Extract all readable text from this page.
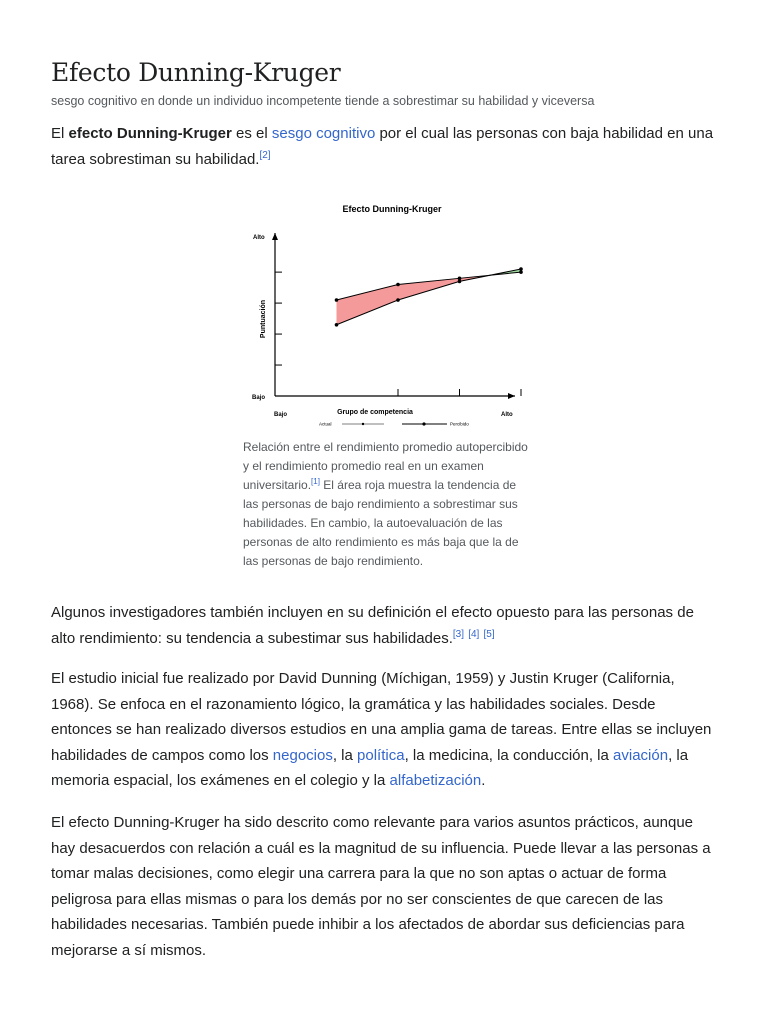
Efecto Dunning-Kruger
sesgo cognitivo en donde un individuo incompetente tiende a sobrestimar su habilidad y viceversa

El efecto Dunning-Kruger es el sesgo cognitivo por el cual las personas con baja habilidad en una tarea sobrestiman su habilidad.[2]

Efecto Dunning-Kruger
Puntuación
Grupo de competencia
Alto
Bajo
Bajo	Alto
Actual	Percibido
Relación entre el rendimiento promedio autopercibido y el rendimiento promedio real en un examen universitario.[1] El área roja muestra la tendencia de las personas de bajo rendimiento a sobrestimar sus habilidades. En cambio, la autoevaluación de las personas de alto rendimiento es más baja que la de las personas de bajo rendimiento.

Algunos investigadores también incluyen en su definición el efecto opuesto para las personas de alto rendimiento: su tendencia a subestimar sus habilidades.[3] [4] [5]

El estudio inicial fue realizado por David Dunning (Míchigan, 1959) y Justin Kruger (California, 1968). Se enfoca en el razonamiento lógico, la gramática y las habilidades sociales. Desde entonces se han realizado diversos estudios en una amplia gama de tareas. Entre ellas se incluyen habilidades de campos como los negocios, la política, la medicina, la conducción, la aviación, la memoria espacial, los exámenes en el colegio y la alfabetización.

El efecto Dunning-Kruger ha sido descrito como relevante para varios asuntos prácticos, aunque hay desacuerdos con relación a cuál es la magnitud de su influencia. Puede llevar a las personas a tomar malas decisiones, como elegir una carrera para la que no son aptas o actuar de forma peligrosa para ellas mismas o para los demás por no ser conscientes de que carecen de las habilidades necesarias. También puede inhibir a los afectados de abordar sus deficiencias para mejorarse a sí mismos.
